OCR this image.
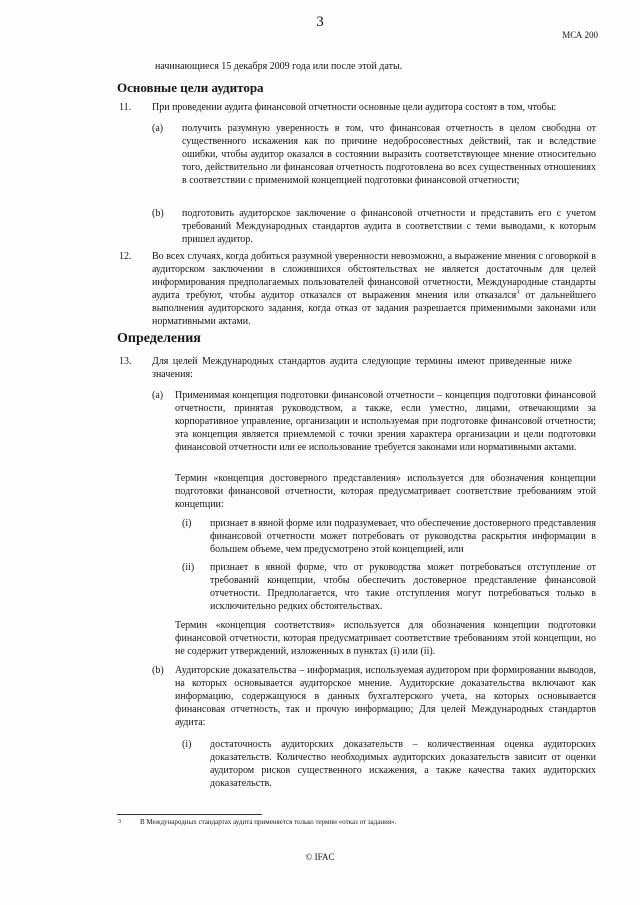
3
МСА 200
начинающиеся 15 декабря 2009 года или после этой даты.
Основные цели аудитора
11. При проведении аудита финансовой отчетности основные цели аудитора состоят в том, чтобы:
(a) получить разумную уверенность в том, что финансовая отчетность в целом свободна от существенного искажения как по причине недобросовестных действий, так и вследствие ошибки, чтобы аудитор оказался в состоянии выразить соответствующее мнение относительно того, действительно ли финансовая отчетность подготовлена во всех существенных отношениях в соответствии с применимой концепцией подготовки финансовой отчетности;
(b) подготовить аудиторское заключение о финансовой отчетности и представить его с учетом требований Международных стандартов аудита в соответствии с теми выводами, к которым пришел аудитор.
12. Во всех случаях, когда добиться разумной уверенности невозможно, а выражение мнения с оговоркой в аудиторском заключении в сложившихся обстоятельствах не является достаточным для целей информирования предполагаемых пользователей финансовой отчетности, Международные стандарты аудита требуют, чтобы аудитор отказался от выражения мнения или отказался$^3$ от дальнейшего выполнения аудиторского задания, когда отказ от задания разрешается применимыми законами или нормативными актами.
Определения
13. Для целей Международных стандартов аудита следующие термины имеют приведенные ниже значения:
(a) Применимая концепция подготовки финансовой отчетности – концепция подготовки финансовой отчетности, принятая руководством, а также, если уместно, лицами, отвечающими за корпоративное управление, организации и используемая при подготовке финансовой отчетности; эта концепция является приемлемой с точки зрения характера организации и цели подготовки финансовой отчетности или ее использование требуется законами или нормативными актами.
Термин «концепция достоверного представления» используется для обозначения концепции подготовки финансовой отчетности, которая предусматривает соответствие требованиям этой концепции:
(i) признает в явной форме или подразумевает, что обеспечение достоверного представления финансовой отчетности может потребовать от руководства раскрытия информации в большем объеме, чем предусмотрено этой концепцией, или
(ii) признает в явной форме, что от руководства может потребоваться отступление от требований концепции, чтобы обеспечить достоверное представление финансовой отчетности. Предполагается, что такие отступления могут потребоваться только в исключительно редких обстоятельствах.
Термин «концепция соответствия» используется для обозначения концепции подготовки финансовой отчетности, которая предусматривает соответствие требованиям этой концепции, но не содержит утверждений, изложенных в пунктах (i) или (ii).
(b) Аудиторские доказательства – информация, используемая аудитором при формировании выводов, на которых основывается аудиторское мнение. Аудиторские доказательства включают как информацию, содержащуюся в данных бухгалтерского учета, на которых основывается финансовая отчетность, так и прочую информацию; Для целей Международных стандартов аудита:
(i) достаточность аудиторских доказательств – количественная оценка аудиторских доказательств. Количество необходимых аудиторских доказательств зависит от оценки аудитором рисков существенного искажения, а также качества таких аудиторских доказательств.
3	В Международных стандартах аудита применяется только термин «отказ от задания».
© IFAC
